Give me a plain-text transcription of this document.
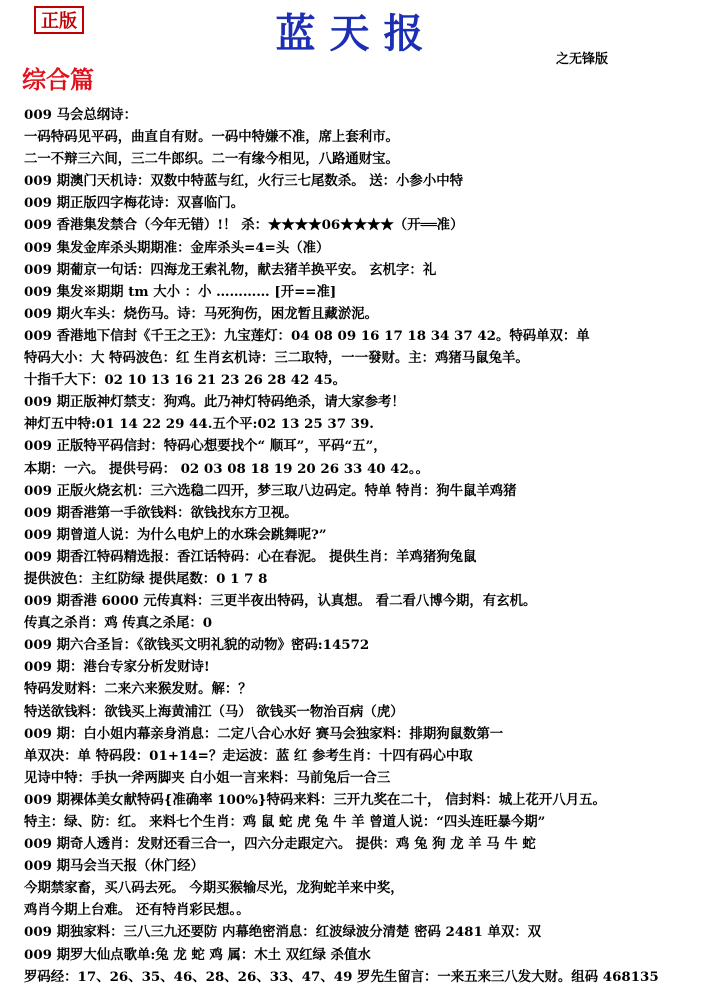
正版	蓝天报
之无锋版
综合篇
009 马会总纲诗：
一码特码见平码，曲直自有财。一码中特嫌不准，席上套利市。
二一不辩三六间，三二牛郎织。二一有缘今相见，八路通财宝。
009 期澳门天机诗：双数中特蓝与红，火行三七尾数杀。 送：小参小中特
009 期正版四字梅花诗：双喜临门。
009 香港集发禁合（今年无错）!！ 杀：★★★★06★★★★（开══准）
009 集发金库杀头期期准：金库杀头=4=头（准）
009 期葡京一句话：四海龙王索礼物，献去猪羊换平安。 玄机字：礼
009 集发※期期 tm 大小 ：小 ………… [开==准]
009 期火车头：烧伤马。诗：马死狗伤，困龙暂且藏淤泥。
009 香港地下信封《千王之王》：九宝莲灯：04 08 09 16 17 18 34 37 42。特码单双：单
特码大小：大 特码波色：红 生肖玄机诗：三二取特，一一發财。主：鸡猪马鼠兔羊。
十指千大下：02 10 13 16 21 23 26 28 42 45。
009 期正版神灯禁支：狗鸡。此乃神灯特码绝杀，请大家参考！
神灯五中特:01 14 22 29 44.五个平:02 13 25 37 39.
009 正版特平码信封：特码心想要找个“ 顺耳”，平码“五”，
本期：一六。 提供号码： 02 03 08 18 19 20 26 33 40 42。。
009 正版火烧玄机：三六选稳二四开，梦三取八边码定。特单 特肖：狗牛鼠羊鸡猪
009 期香港第一手欲钱料：欲钱找东方卫视。
009 期曾道人说：为什么电炉上的水珠会跳舞呢?”
009 期香江特码精选报：香江话特码：心在春泥。 提供生肖：羊鸡猪狗兔鼠
提供波色：主红防绿 提供尾数：0 1 7 8
009 期香港 6000 元传真料：三更半夜出特码，认真想。 看二看八博今期，有玄机。
传真之杀肖：鸡 传真之杀尾：0
009 期六合圣旨：《欲钱买文明礼貌的动物》密码:14572
009 期：港台专家分析发财诗!
特码发财料：二来六来猴发财。解：？
特送欲钱料：欲钱买上海黄浦江（马） 欲钱买一物治百病（虎）
009 期：白小姐内幕亲身消息：二定八合心水好 赛马会独家料：排期狗鼠数第一
单双决：单 特码段：01+14=？走运波：蓝 红 参考生肖：十四有码心中取
见诗中特：手执一斧两脚夹 白小姐一言来料：马前兔后一合三
009 期裸体美女献特码{准确率 100%}特码来料：三开九奖在二十， 信封料：城上花开八月五。
特主：绿、防：红。 来料七个生肖：鸡 鼠 蛇 虎 兔 牛 羊 曾道人说：“四头连旺暴今期”
009 期奇人透肖：发财还看三合一，四六分走跟定六。 提供：鸡 兔 狗 龙 羊 马 牛 蛇
009 期马会当天报（休门经）
今期禁家畜，买八码去死。 今期买猴输尽光，龙狗蛇羊来中奖，
鸡肖今期上台难。 还有特肖彩民想。。
009 期独家料：三八三九还要防 内幕绝密消息：红波绿波分清楚 密码 2481 单双：双
009 期罗大仙点歌单:兔 龙 蛇 鸡 属：木土 双红绿 杀值水
罗码经：17、26、35、46、28、26、33、47、49 罗先生留言：一来五来三八发大财。组码 468135
